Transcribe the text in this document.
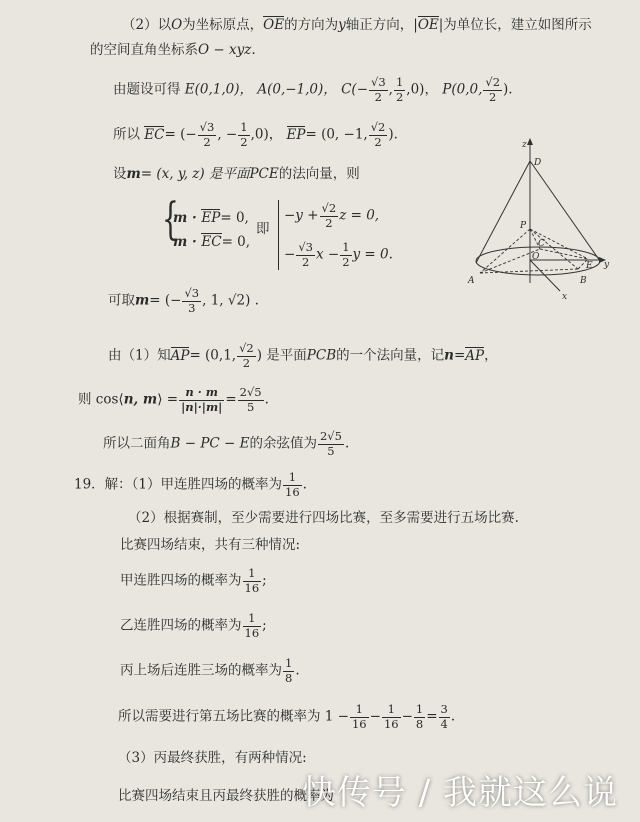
（2）以O为坐标原点，OE的方向为y轴正方向，|OE|为单位长，建立如图所示
的空间直角坐标系O − xyz.
由题设可得 E(0,1,0)， A(0,−1,0)， $C(- \frac{√3}{2}$ , $\frac{1}{2} ,0$)， P(0,0, $\frac{√2}{2}$ ).
所以 EC= (− $\frac{√3}{2}$ , − $\frac{1}{2} ,0$)， EP= (0, −1, $\frac{√2}{2}$ ).
设m= (x, y, z) 是平面PCE的法向量，则
{
m · EP= 0,
m · EC= 0,
即
$-y + \frac{√2}{2}$ z = 0,
− $\frac{√3}{2}$ $x - \frac{1}{2}$ y = 0.
z
D
P
C
O
E y
A	B
x
可取m= (− $\frac{√3}{3}$ , 1, √2) .
由（1）知AP= (0,1, $\frac{√2}{2}$ ) 是平面PCB的一个法向量，记n=AP，
则 cos⟨n, m⟩ = $\frac{n \cdot m}{|n|\cdot|m|} = \frac{2√5}{5}$ .
所以二面角B − PC − E的余弦值为 $\frac{2√5}{5}$ .
19．解：（1）甲连胜四场的概率为 $\frac{1}{16}$ .
（2）根据赛制，至少需要进行四场比赛，至多需要进行五场比赛.
比赛四场结束，共有三种情况:
甲连胜四场的概率为 $\frac{1}{16}$ ;
乙连胜四场的概率为 $\frac{1}{16}$ ;
丙上场后连胜三场的概率为 $\frac{1}{8}$ .
所以需要进行第五场比赛的概率为 $1 - \frac{1}{16} - \frac{1}{16} - \frac{1}{8} = \frac{3}{4}$ .
（3）丙最终获胜，有两种情况:
比赛四场结束且丙最终获胜的概率为
快传号 / 我就这么说
